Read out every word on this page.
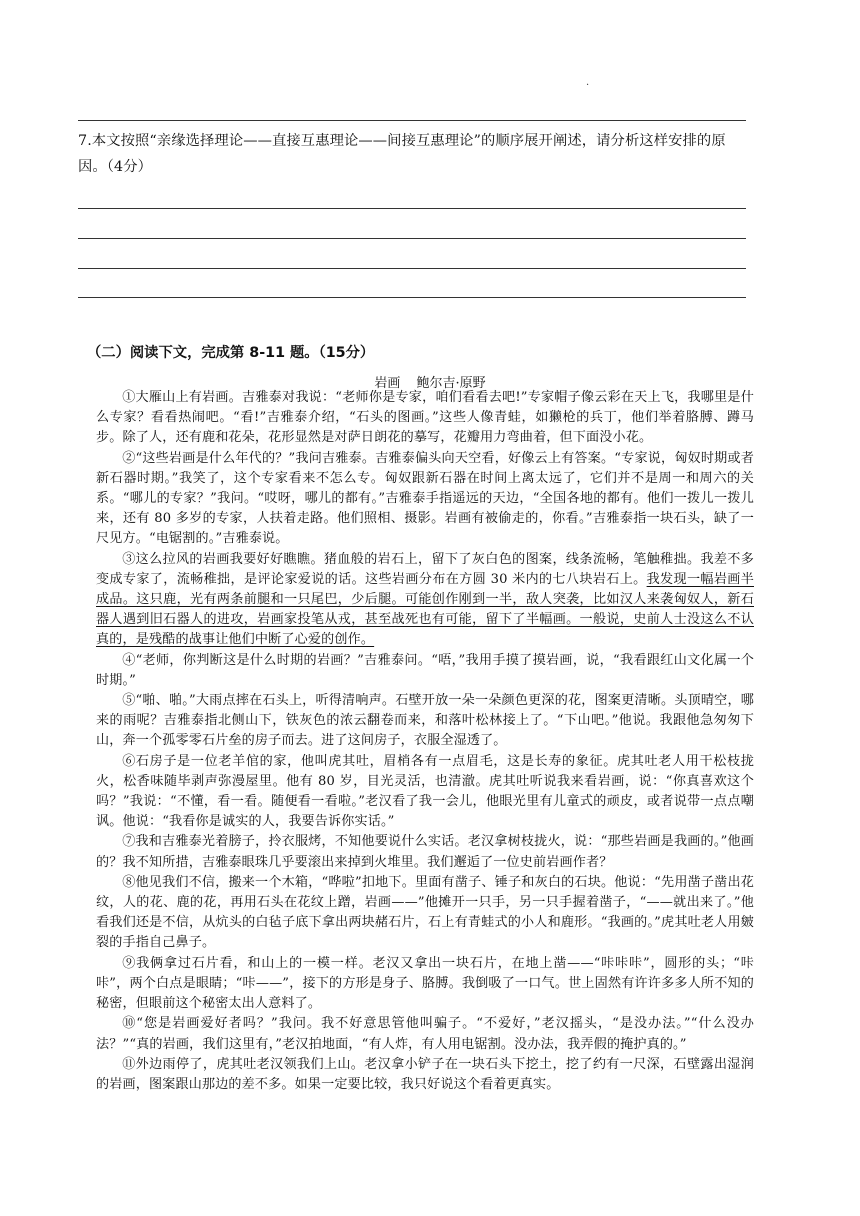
·
7.本文按照“亲缘选择理论——直接互惠理论——间接互惠理论”的顺序展开阐述，请分析这样安排的原因。（4分）
（二）阅读下文，完成第 8-11 题。（15分）
岩画 鲍尔吉·原野

①大雁山上有岩画。吉雅泰对我说：“老师你是专家，咱们看看去吧!”专家帽子像云彩在天上飞，我哪里是什么专家？看看热闹吧。“看!”吉雅泰介绍，“石头的图画。”这些人像青蛙，如獭枪的兵丁，他们举着胳膊、蹲马步。除了人，还有鹿和花朵，花形显然是对萨日朗花的摹写，花瓣用力弯曲着，但下面没小花。

②“这些岩画是什么年代的？”我问吉雅泰。吉雅泰偏头向天空看，好像云上有答案。“专家说，匈奴时期或者新石器时期。”我笑了，这个专家看来不怎么专。匈奴跟新石器在时间上离太远了，它们并不是周一和周六的关系。“哪儿的专家？”我问。“哎呀，哪儿的都有。”吉雅泰手指遥远的天边，“全国各地的都有。他们一拨儿一拨儿来，还有 80 多岁的专家，人扶着走路。他们照相、摄影。岩画有被偷走的，你看。”吉雅泰指一块石头，缺了一尺见方。“电锯割的。”吉雅泰说。

③这么拉风的岩画我要好好瞧瞧。猪血般的岩石上，留下了灰白色的图案，线条流畅，笔触稚拙。我差不多变成专家了，流畅稚拙，是评论家爱说的话。这些岩画分布在方圆 30 米内的七八块岩石上。我发现一幅岩画半成品。这只鹿，光有两条前腿和一只尾巴，少后腿。可能创作刚到一半，敌人突袭，比如汉人来袭匈奴人，新石器人遇到旧石器人的进攻，岩画家投笔从戎，甚至战死也有可能，留下了半幅画。一般说，史前人士没这么不认真的，是残酷的战事让他们中断了心爱的创作。

④“老师，你判断这是什么时期的岩画？”吉雅泰问。“唔，”我用手摸了摸岩画，说，“我看跟红山文化属一个时期。”

⑤“啪、啪。”大雨点摔在石头上，听得清响声。石壁开放一朵一朵颜色更深的花，图案更清晰。头顶晴空，哪来的雨呢？吉雅泰指北侧山下，铁灰色的浓云翻卷而来，和落叶松林接上了。“下山吧。”他说。我跟他急匆匆下山，奔一个孤零零石片垒的房子而去。进了这间房子，衣服全湿透了。

⑥石房子是一位老羊倌的家，他叫虎其吐，眉梢各有一点眉毛，这是长寿的象征。虎其吐老人用干松枝拢火，松香味随毕剥声弥漫屋里。他有 80 岁，目光灵活，也清澈。虎其吐听说我来看岩画，说：“你真喜欢这个吗？”我说：“不懂，看一看。随便看一看啦。”老汉看了我一会儿，他眼光里有儿童式的顽皮，或者说带一点点嘲讽。他说：“我看你是诚实的人，我要告诉你实话。”

⑦我和吉雅泰光着膀子，拎衣服烤，不知他要说什么实话。老汉拿树枝拢火，说：“那些岩画是我画的。”他画的？我不知所措，吉雅泰眼珠几乎要滚出来掉到火堆里。我们邂逅了一位史前岩画作者？

⑧他见我们不信，搬来一个木箱，“哗啦”扣地下。里面有凿子、锤子和灰白的石块。他说：“先用凿子凿出花纹，人的花、鹿的花，再用石头在花纹上蹭，岩画——”他摊开一只手，另一只手握着凿子，“——就出来了。”他看我们还是不信，从炕头的白毡子底下拿出两块赭石片，石上有青蛙式的小人和鹿形。“我画的。”虎其吐老人用皴裂的手指自己鼻子。

⑨我俩拿过石片看，和山上的一模一样。老汉又拿出一块石片，在地上凿——“咔咔咔”，圆形的头；“咔咔”，两个白点是眼睛；“咔——”，接下的方形是身子、胳膊。我倒吸了一口气。世上固然有许许多多人所不知的秘密，但眼前这个秘密太出人意料了。

⑩“您是岩画爱好者吗？”我问。我不好意思管他叫骗子。“不爱好，”老汉摇头，“是没办法。”“什么没办法？”“真的岩画，我们这里有，”老汉拍地面，“有人炸，有人用电锯割。没办法，我弄假的掩护真的。”

⑪外边雨停了，虎其吐老汉领我们上山。老汉拿小铲子在一块石头下挖土，挖了约有一尺深，石壁露出湿润的岩画，图案跟山那边的差不多。如果一定要比较，我只好说这个看着更真实。
